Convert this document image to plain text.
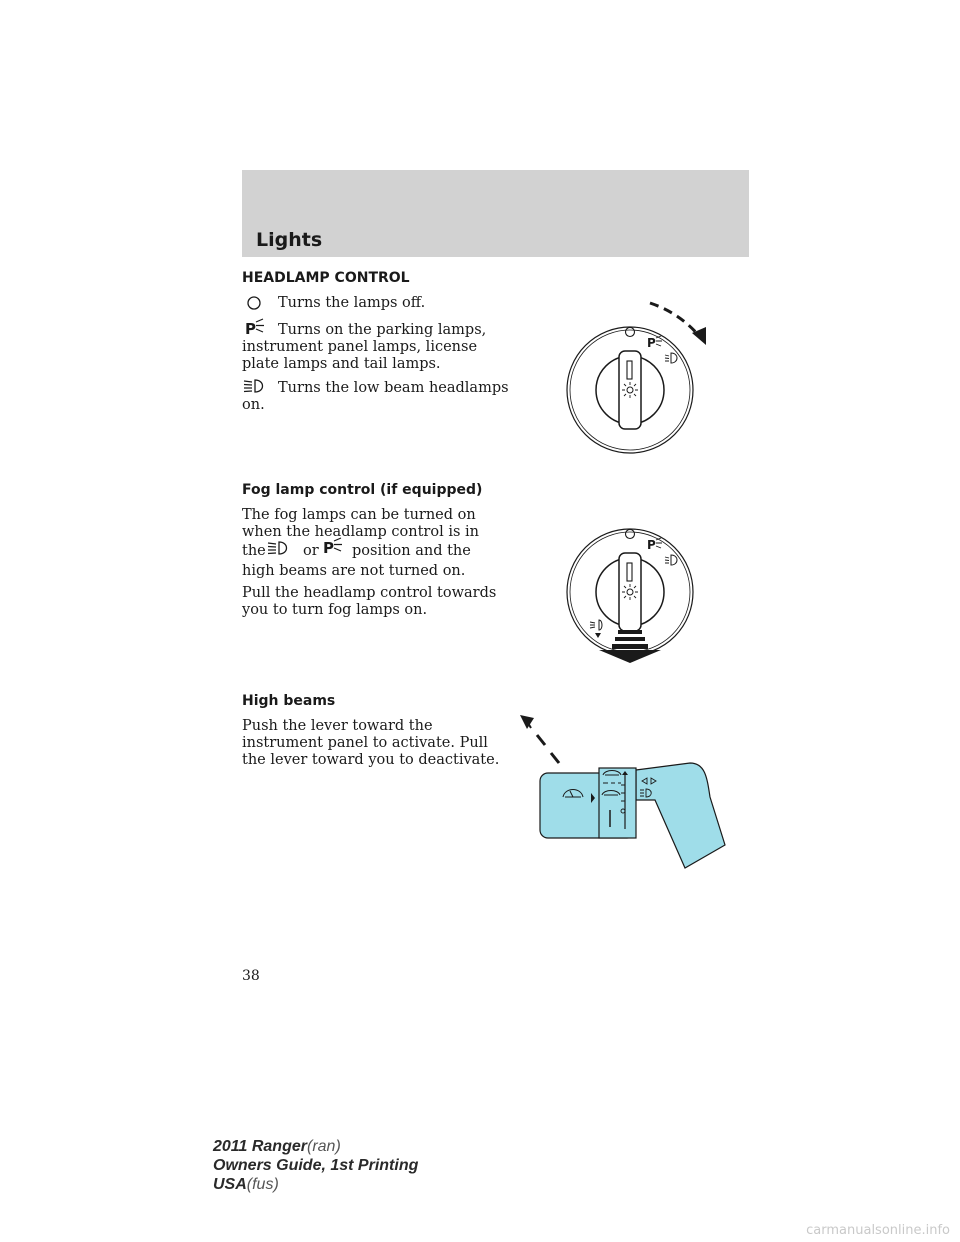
Lights
HEADLAMP CONTROL
Turns the lamps off.
P Turns on the parking lamps,
instrument panel lamps, license
plate lamps and tail lamps.
Turns the low beam headlamps
on.
P
Fog lamp control (if equipped)
The fog lamps can be turned on
when the headlamp control is in
the	or P position and the
high beams are not turned on.
Pull the headlamp control towards
you to turn fog lamps on.
P
High beams
Push the lever toward the
instrument panel to activate. Pull
the lever toward you to deactivate.
38
2011 Ranger(ran)
Owners Guide, 1st Printing
USA(fus)
carmanualsonline.info
